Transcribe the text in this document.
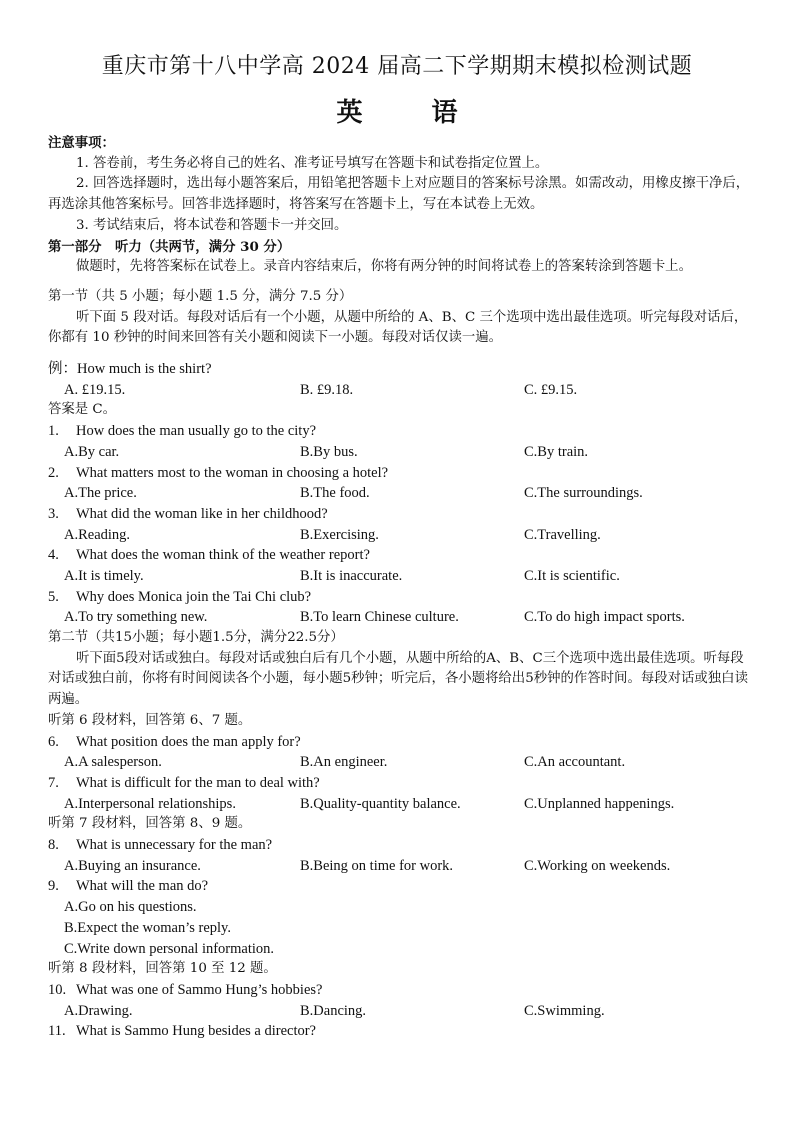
重庆市第十八中学高 2024 届高二下学期期末模拟检测试题
英 语

注意事项：

1. 答卷前，考生务必将自己的姓名、准考证号填写在答题卡和试卷指定位置上。

2. 回答选择题时，选出每小题答案后，用铅笔把答题卡上对应题目的答案标号涂黑。如需改动，用橡皮擦干净后，再选涂其他答案标号。回答非选择题时，将答案写在答题卡上，写在本试卷上无效。

3. 考试结束后，将本试卷和答题卡一并交回。

第一部分　听力（共两节，满分 30 分）

做题时，先将答案标在试卷上。录音内容结束后，你将有两分钟的时间将试卷上的答案转涂到答题卡上。

第一节（共 5 小题；每小题 1.5 分，满分 7.5 分）

听下面 5 段对话。每段对话后有一个小题，从题中所给的 A、B、C 三个选项中选出最佳选项。听完每段对话后，你都有 10 秒钟的时间来回答有关小题和阅读下一小题。每段对话仅读一遍。

例：How much is the shirt?

A. £19.15.	B. £9.18.	C. £9.15.

答案是 C。

1. How does the man usually go to the city?

A.By car.	B.By bus.	C.By train.

2. What matters most to the woman in choosing a hotel?

A.The price.	B.The food.	C.The surroundings.

3. What did the woman like in her childhood?

A.Reading.	B.Exercising.	C.Travelling.

4. What does the woman think of the weather report?

A.It is timely.	B.It is inaccurate.	C.It is scientific.

5. Why does Monica join the Tai Chi club?

A.To try something new.	B.To learn Chinese culture.	C.To do high impact sports.

第二节（共15小题；每小题1.5分，满分22.5分）

听下面5段对话或独白。每段对话或独白后有几个小题，从题中所给的A、B、C三个选项中选出最佳选项。听每段对话或独白前，你将有时间阅读各个小题，每小题5秒钟；听完后，各小题将给出5秒钟的作答时间。每段对话或独白读两遍。

听第 6 段材料，回答第 6、7 题。

6. What position does the man apply for?

A.A salesperson.	B.An engineer.	C.An accountant.

7. What is difficult for the man to deal with?

A.Interpersonal relationships.	B.Quality-quantity balance.	C.Unplanned happenings.

听第 7 段材料，回答第 8、9 题。

8. What is unnecessary for the man?

A.Buying an insurance.	B.Being on time for work.	C.Working on weekends.

9. What will the man do?

A.Go on his questions.

B.Expect the woman’s reply.

C.Write down personal information.

听第 8 段材料，回答第 10 至 12 题。

10. What was one of Sammo Hung’s hobbies?

A.Drawing.	B.Dancing.	C.Swimming.

11. What is Sammo Hung besides a director?
